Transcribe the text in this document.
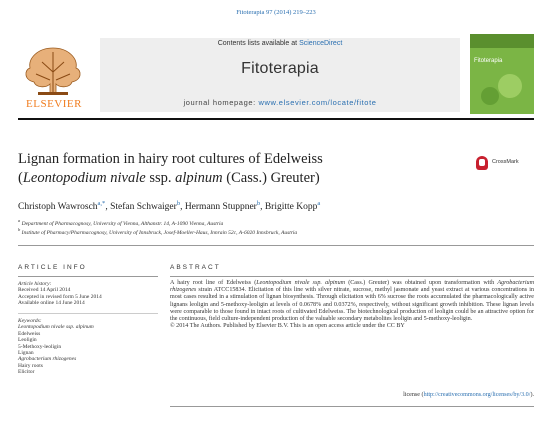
Fitoterapia 97 (2014) 219–223
ELSEVIER
Contents lists available at ScienceDirect
Fitoterapia
journal homepage: www.elsevier.com/locate/fitote
Fitoterapia
Lignan formation in hairy root cultures of Edelweiss
(Leontopodium nivale ssp. alpinum (Cass.) Greuter)
CrossMark
Christoph Wawrosch$^{a,*}$, Stefan Schwaiger$^b$, Hermann Stuppner$^b$, Brigitte Kopp$^a$
$^a$ Department of Pharmacognosy, University of Vienna, Althanstr. 14, A-1090 Vienna, Austria
$^b$ Institute of Pharmacy/Pharmacognosy, University of Innsbruck, Josef-Moeller-Haus, Innrain 52c, A-6020 Innsbruck, Austria
ARTICLE INFO
Article history:
Received 14 April 2014
Accepted in revised form 5 June 2014
Available online 14 June 2014
Keywords:
Leontopodium nivale ssp. alpinum
Edelweiss
Leoligin
5-Methoxy-leoligin
Lignan
Agrobacterium rhizogenes
Hairy roots
Elicitor
ABSTRACT
A hairy root line of Edelweiss (Leontopodium nivale ssp. alpinum (Cass.) Greuter) was obtained upon transformation with Agrobacterium rhizogenes strain ATCC15834. Elicitation of this line with silver nitrate, sucrose, methyl jasmonate and yeast extract at various concentrations in most cases resulted in a stimulation of lignan biosynthesis. Through elicitation with 6% sucrose the roots accumulated the pharmacologically active lignans leoligin and 5-methoxy-leoligin at levels of 0.0678% and 0.0372%, respectively, without significant growth inhibition. These lignan levels were comparable to those found in intact roots of cultivated Edelweiss. The biotechnological production of leoligin could be an attractive option for the continuous, field culture-independent production of the valuable secondary metabolites leoligin and 5-methoxy-leoligin.
© 2014 The Authors. Published by Elsevier B.V. This is an open access article under the CC BY
license (http://creativecommons.org/licenses/by/3.0/).
